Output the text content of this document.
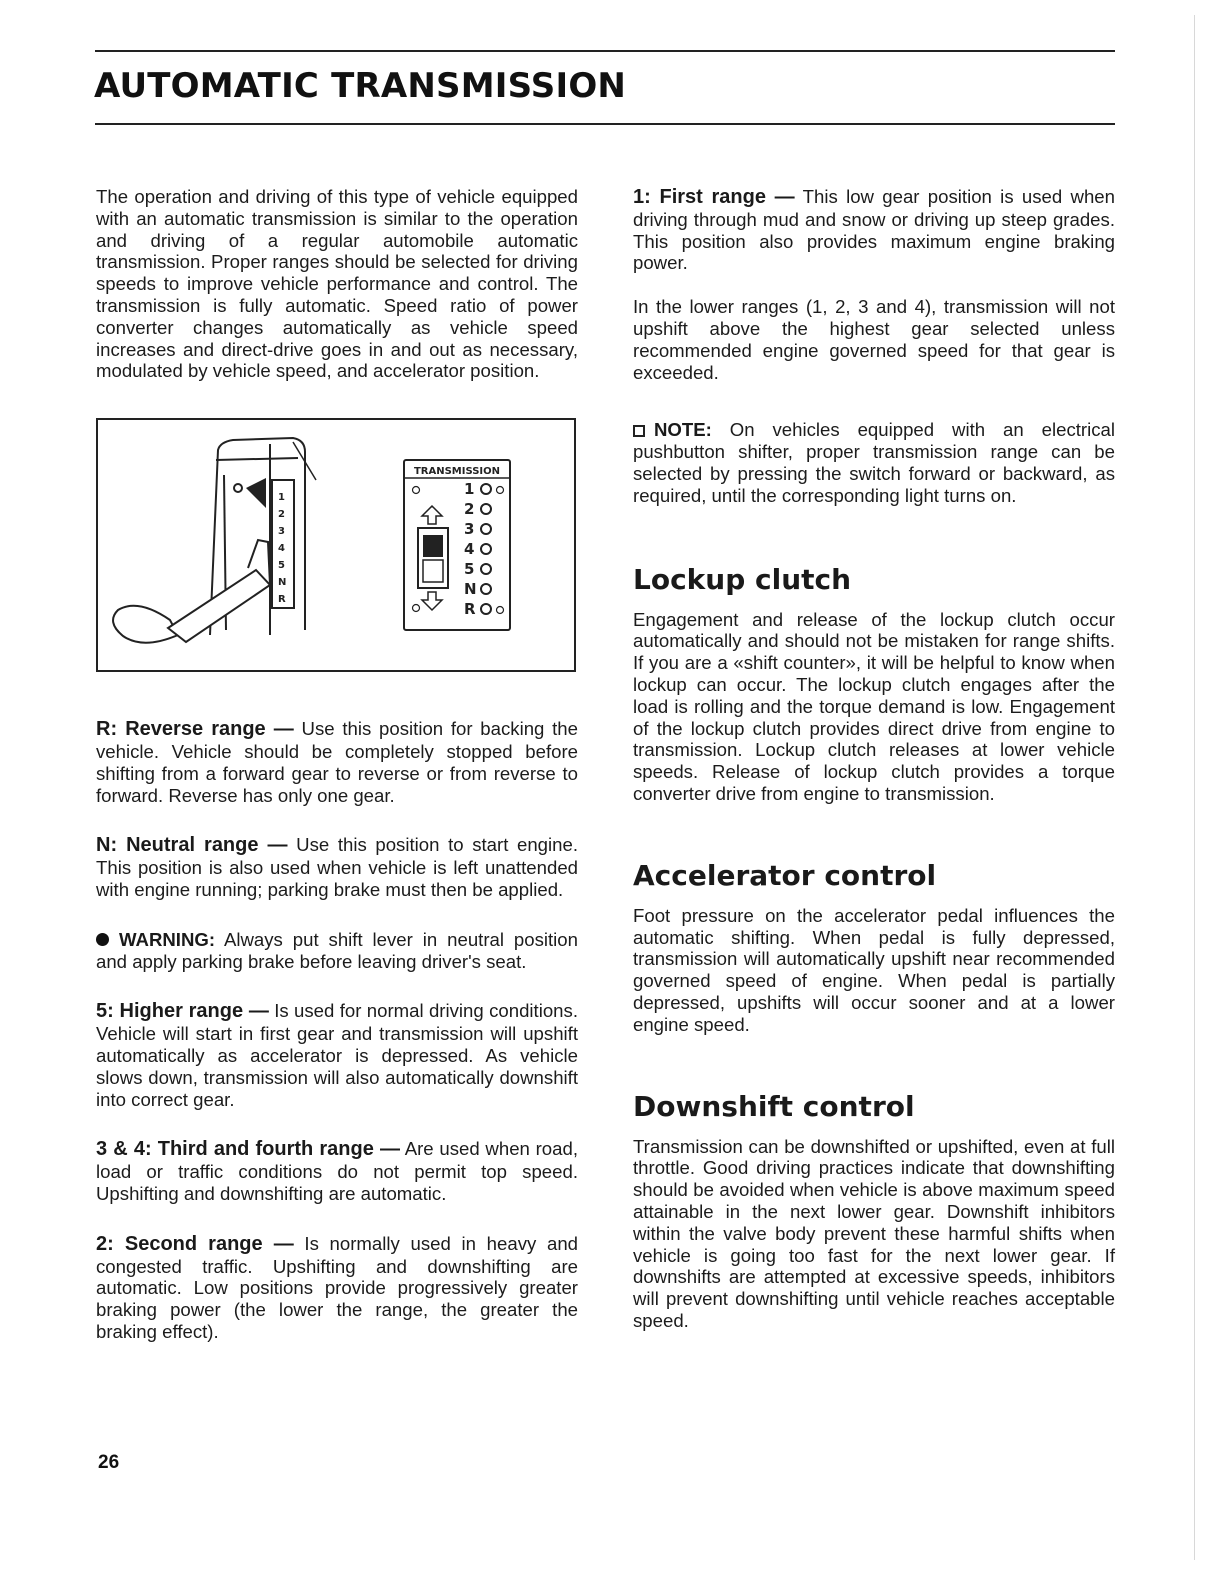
AUTOMATIC TRANSMISSION

The operation and driving of this type of vehicle equipped with an automatic transmission is similar to the operation and driving of a regular automobile automatic transmission. Proper ranges should be selected for driving speeds to improve vehicle performance and control. The transmission is fully automatic. Speed ratio of power converter changes automatically as vehicle speed increases and direct-drive goes in and out as necessary, modulated by vehicle speed, and accelerator position.

1
2
3
4
5
N
R
TRANSMISSION
1
2
3
4
5
N
R

R: Reverse range — Use this position for backing the vehicle. Vehicle should be completely stopped before shifting from a forward gear to reverse or from reverse to forward. Reverse has only one gear.

N: Neutral range — Use this position to start engine. This position is also used when vehicle is left unattended with engine running; parking brake must then be applied.

WARNING: Always put shift lever in neutral position and apply parking brake before leaving driver's seat.

5: Higher range — Is used for normal driving conditions. Vehicle will start in first gear and transmission will upshift automatically as accelerator is depressed. As vehicle slows down, transmission will also automatically downshift into correct gear.

3 & 4: Third and fourth range — Are used when road, load or traffic conditions do not permit top speed. Upshifting and downshifting are automatic.

2: Second range — Is normally used in heavy and congested traffic. Upshifting and downshifting are automatic. Low positions provide progressively greater braking power (the lower the range, the greater the braking effect).

1: First range — This low gear position is used when driving through mud and snow or driving up steep grades. This position also provides maximum engine braking power.

In the lower ranges (1, 2, 3 and 4), transmission will not upshift above the highest gear selected unless recommended engine governed speed for that gear is exceeded.

NOTE: On vehicles equipped with an electrical pushbutton shifter, proper transmission range can be selected by pressing the switch forward or backward, as required, until the corresponding light turns on.

Lockup clutch

Engagement and release of the lockup clutch occur automatically and should not be mistaken for range shifts. If you are a «shift counter», it will be helpful to know when lockup can occur. The lockup clutch engages after the load is rolling and the torque demand is low. Engagement of the lockup clutch provides direct drive from engine to transmission. Lockup clutch releases at lower vehicle speeds. Release of lockup clutch provides a torque converter drive from engine to transmission.

Accelerator control

Foot pressure on the accelerator pedal influences the automatic shifting. When pedal is fully depressed, transmission will automatically upshift near recommended governed speed of engine. When pedal is partially depressed, upshifts will occur sooner and at a lower engine speed.

Downshift control

Transmission can be downshifted or upshifted, even at full throttle. Good driving practices indicate that downshifting should be avoided when vehicle is above maximum speed attainable in the next lower gear. Downshift inhibitors within the valve body prevent these harmful shifts when vehicle is going too fast for the next lower gear. If downshifts are attempted at excessive speeds, inhibitors will prevent downshifting until vehicle reaches acceptable speed.

26
